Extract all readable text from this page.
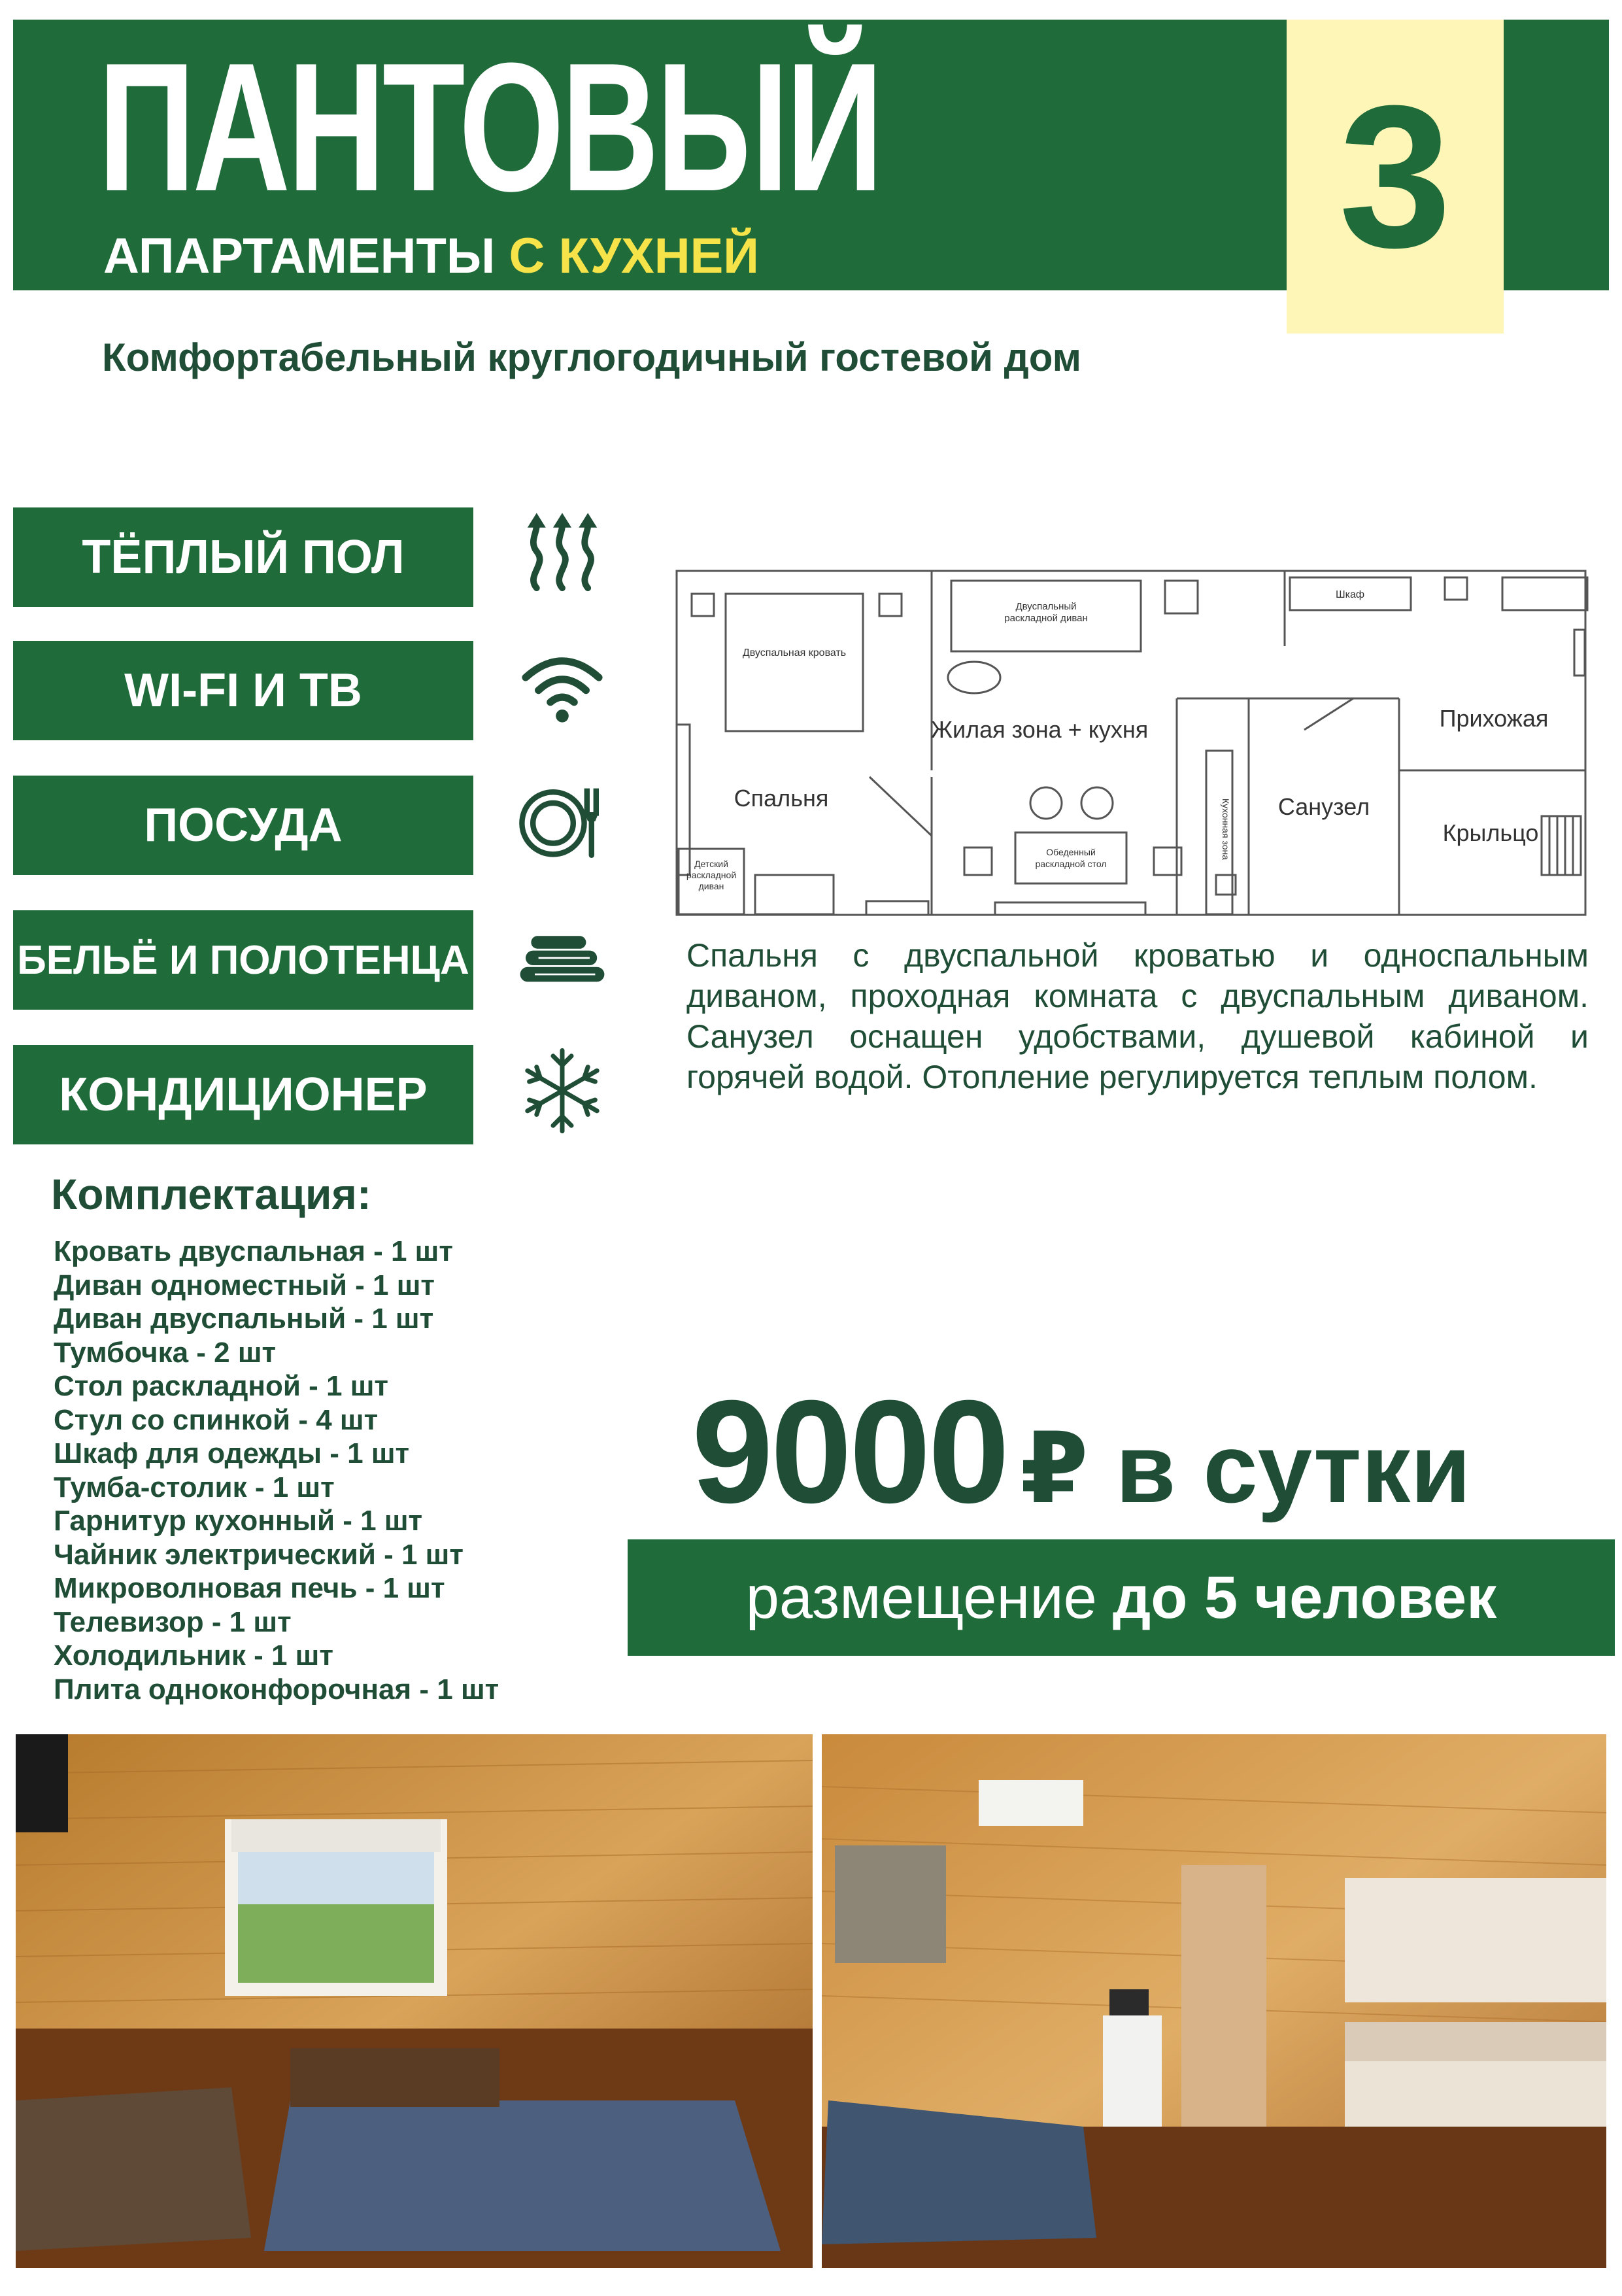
ПАНТОВЫЙ
АПАРТАМЕНТЫ С КУХНЕЙ	3
Комфортабельный круглогодичный гостевой дом
ТЁПЛЫЙ ПОЛ
WI-FI И ТВ
ПОСУДА
БЕЛЬЁ И ПОЛОТЕНЦА
КОНДИЦИОНЕР
Двуспальная кровать
Двуспальный
раскладной диван
Шкаф
Жилая зона + кухня	Прихожая
Спальня	Санузел
Крыльцо
Детский
раскладной
диван
Обеденный
раскладной стол
Кухонная зона
Спальня с двуспальной кроватью и односпальным
диваном, проходная комната с двуспальным диваном.
Санузел оснащен удобствами, душевой кабиной и
горячей водой. Отопление регулируется теплым полом.
Комплектация:
Кровать двуспальная - 1 шт
Диван одноместный - 1 шт
Диван двуспальный - 1 шт
Тумбочка - 2 шт
Стол раскладной - 1 шт
Стул со спинкой - 4 шт
Шкаф для одежды - 1 шт
Тумба-столик - 1 шт
Гарнитур кухонный - 1 шт
Чайник электрический - 1 шт
Микроволновая печь - 1 шт
Телевизор - 1 шт
Холодильник - 1 шт
Плита одноконфорочная - 1 шт
9000 ₽ в сутки
размещение до 5 человек
